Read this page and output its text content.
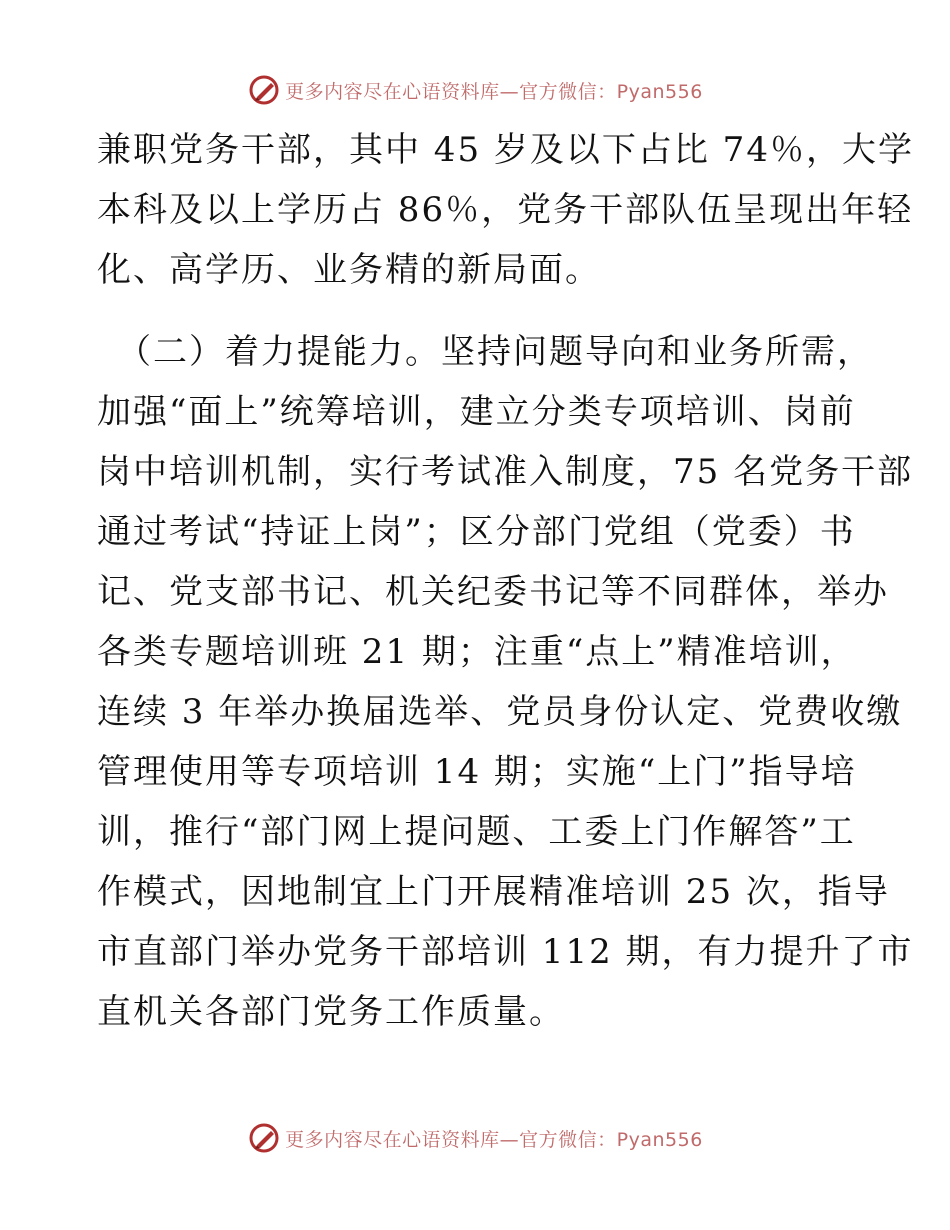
更多内容尽在心语资料库—官方微信：Pyan556
兼职党务干部，其中 45 岁及以下占比 74％，大学
本科及以上学历占 86％，党务干部队伍呈现出年轻
化、高学历、业务精的新局面。
（二）着力提能力。坚持问题导向和业务所需，
加强“面上”统筹培训，建立分类专项培训、岗前
岗中培训机制，实行考试准入制度，75 名党务干部
通过考试“持证上岗”；区分部门党组（党委）书
记、党支部书记、机关纪委书记等不同群体，举办
各类专题培训班 21 期；注重“点上”精准培训，
连续 3 年举办换届选举、党员身份认定、党费收缴
管理使用等专项培训 14 期；实施“上门”指导培
训，推行“部门网上提问题、工委上门作解答”工
作模式，因地制宜上门开展精准培训 25 次，指导
市直部门举办党务干部培训 112 期，有力提升了市
直机关各部门党务工作质量。
更多内容尽在心语资料库—官方微信：Pyan556
